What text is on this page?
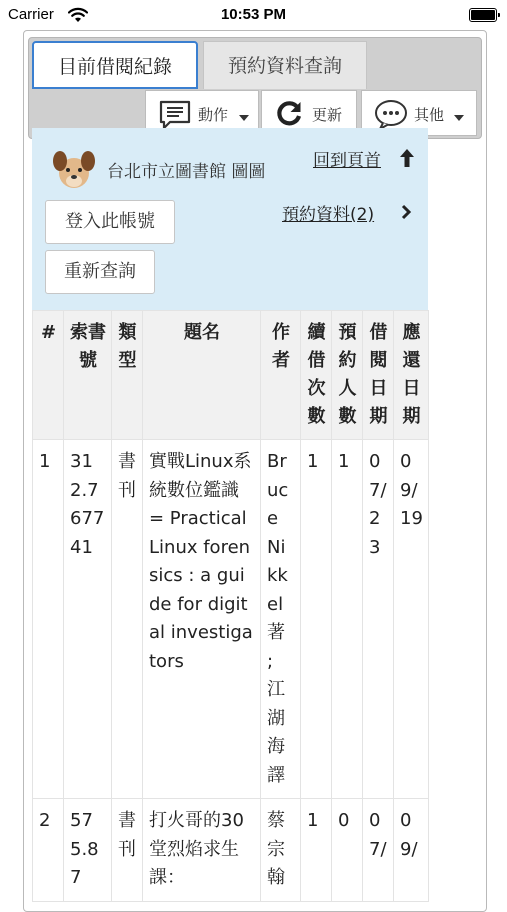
Carrier	10:53 PM
目前借閱紀錄	預約資料查詢
動作	更新	其他
台北市立圖書館 圖圖
回到頁首
預約資料(2)
登入此帳號
重新查詢
#	索書號	類型	題名	作者	續借次數	預約人數	借閱日期	應還日期
1	312.767741	書刊	實戰Linux系統數位鑑識 = Practical Linux forensics : a guide for digital investigators	Bruce Nikkel著 ; 江湖海譯	1	1	07/23	09/19
2	575.87	書刊	打火哥的30堂烈焰求生課：	蔡宗翰	1	0	07/	09/
